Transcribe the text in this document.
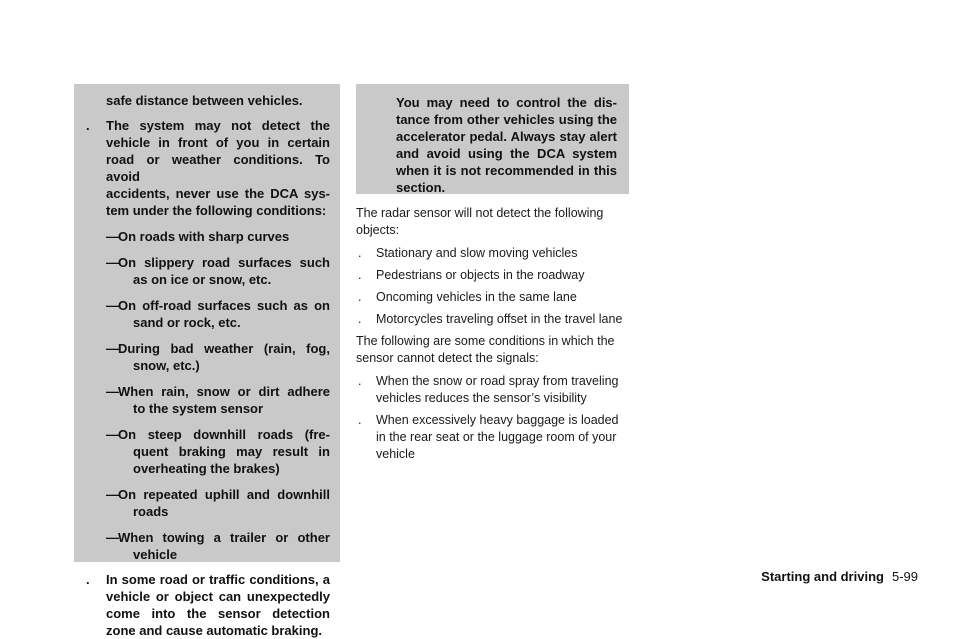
safe distance between vehicles.
. The system may not detect the
vehicle in front of you in certain
road or weather conditions. To avoid
accidents, never use the DCA sys-
tem under the following conditions:
— On roads with sharp curves
— On slippery road surfaces such
as on ice or snow, etc.
— On off-road surfaces such as on
sand or rock, etc.
— During bad weather (rain, fog,
snow, etc.)
— When rain, snow or dirt adhere
to the system sensor
— On steep downhill roads (fre-
quent braking may result in
overheating the brakes)
— On repeated uphill and downhill
roads
— When towing a trailer or other
vehicle
. In some road or traffic conditions, a
vehicle or object can unexpectedly
come into the sensor detection
zone and cause automatic braking.
You may need to control the dis-
tance from other vehicles using the
accelerator pedal. Always stay alert
and avoid using the DCA system
when it is not recommended in this
section.

The radar sensor will not detect the following objects:

. Stationary and slow moving vehicles
. Pedestrians or objects in the roadway
. Oncoming vehicles in the same lane
. Motorcycles traveling offset in the travel lane

The following are some conditions in which the sensor cannot detect the signals:

. When the snow or road spray from traveling vehicles reduces the sensor’s visibility
. When excessively heavy baggage is loaded in the rear seat or the luggage room of your vehicle
Starting and driving 5-99
